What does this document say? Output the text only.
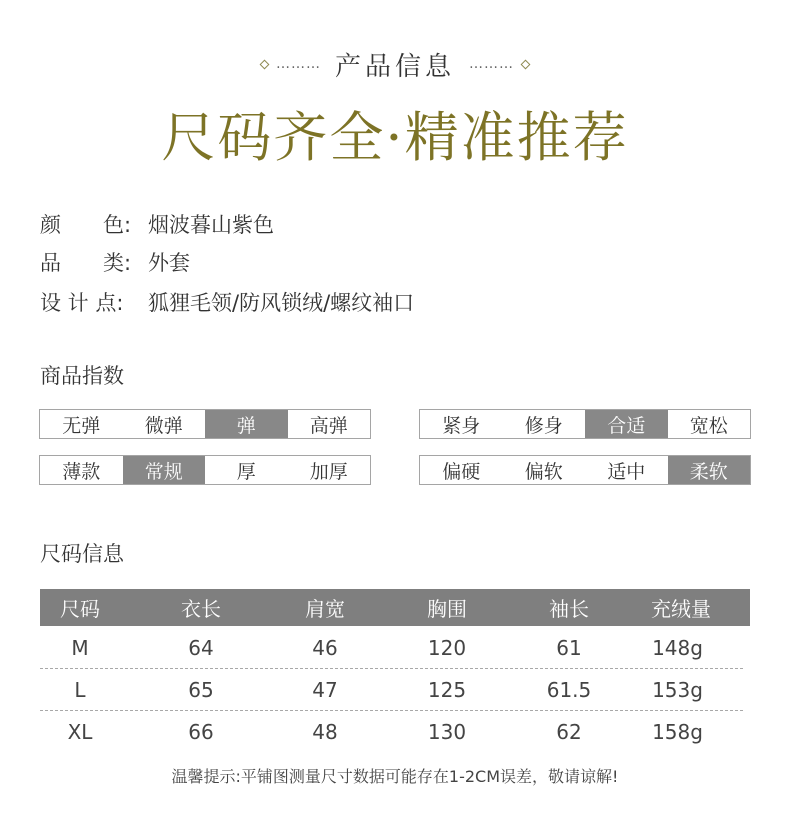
……… 产品信息 ………
尺码齐全·精准推荐
颜　　色: 烟波暮山紫色
品　　类: 外套
设 计 点:	狐狸毛领/防风锁绒/螺纹袖口
商品指数
无弹	微弹	弹	高弹	紧身	修身	合适	宽松
薄款	常规	厚	加厚	偏硬	偏软	适中	柔软
尺码信息
尺码	衣长	肩宽	胸围	袖长	充绒量
M	64	46	120	61	148g
L	65	47	125	61.5	153g
XL	66	48	130	62	158g
温馨提示:平铺图测量尺寸数据可能存在1-2CM误差，敬请谅解!
